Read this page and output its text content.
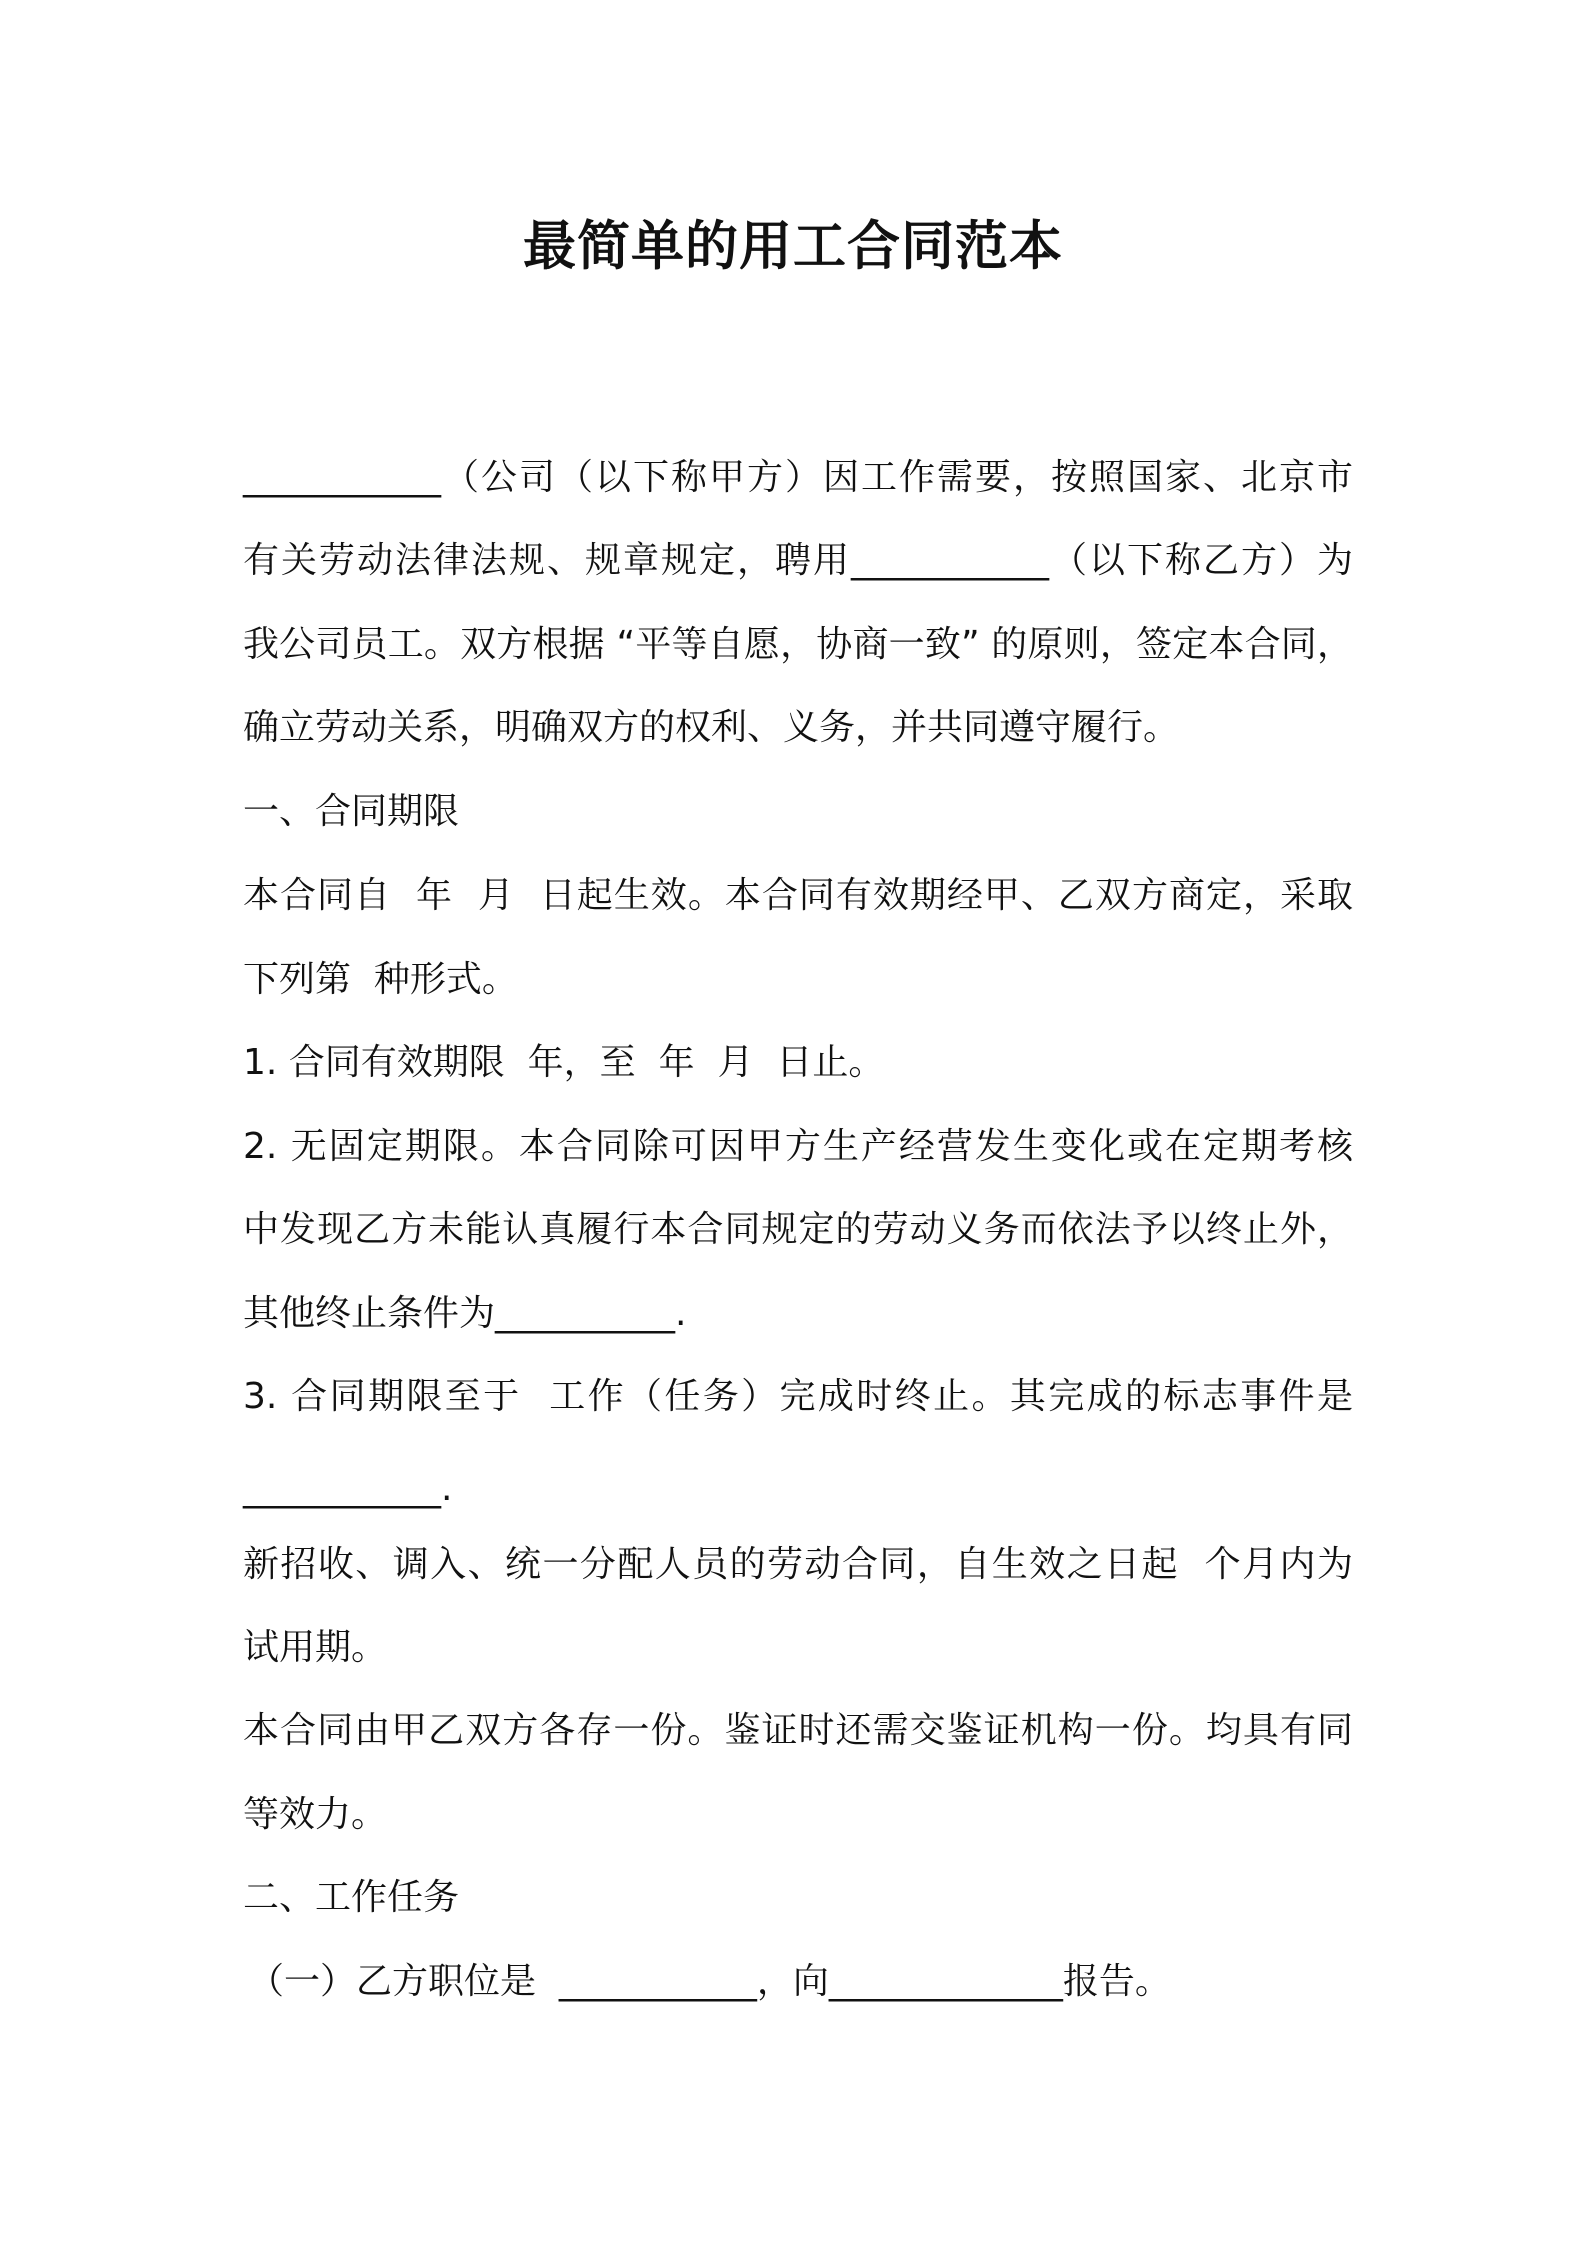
最简单的用工合同范本
___________（公司（以下称甲方）因工作需要，按照国家、北京市
有关劳动法律法规、规章规定，聘用___________（以下称乙方）为
我公司员工。双方根据 “平等自愿，协商一致” 的原则，签定本合同，
确立劳动关系，明确双方的权利、义务，并共同遵守履行。
一、合同期限
本合同自  年  月  日起生效。本合同有效期经甲、乙双方商定，采取
下列第  种形式。
1. 合同有效期限  年，至  年  月  日止。
2. 无固定期限。本合同除可因甲方生产经营发生变化或在定期考核
中发现乙方未能认真履行本合同规定的劳动义务而依法予以终止外，
其他终止条件为__________.
3. 合同期限至于  工作（任务）完成时终止。其完成的标志事件是
___________.
新招收、调入、统一分配人员的劳动合同，自生效之日起  个月内为
试用期。
本合同由甲乙双方各存一份。鉴证时还需交鉴证机构一份。均具有同
等效力。
二、工作任务
（一）乙方职位是  ___________，向_____________报告。
